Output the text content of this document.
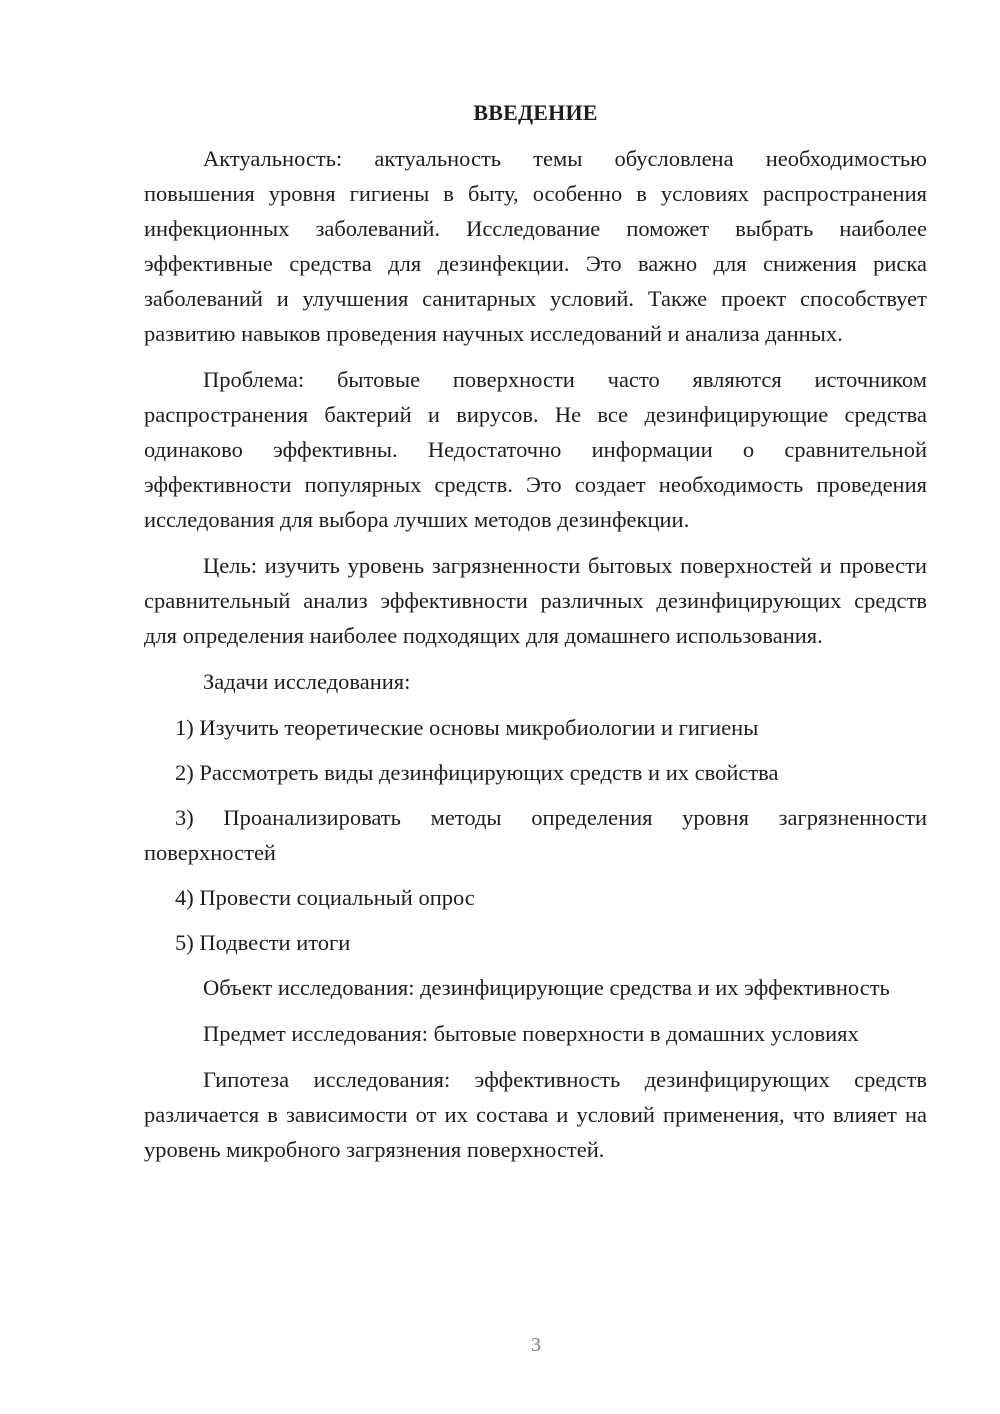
ВВЕДЕНИЕ

Актуальность: актуальность темы обусловлена необходимостью повышения уровня гигиены в быту, особенно в условиях распространения инфекционных заболеваний. Исследование поможет выбрать наиболее эффективные средства для дезинфекции. Это важно для снижения риска заболеваний и улучшения санитарных условий. Также проект способствует развитию навыков проведения научных исследований и анализа данных.

Проблема: бытовые поверхности часто являются источником распространения бактерий и вирусов. Не все дезинфицирующие средства одинаково эффективны. Недостаточно информации о сравнительной эффективности популярных средств. Это создает необходимость проведения исследования для выбора лучших методов дезинфекции.

Цель: изучить уровень загрязненности бытовых поверхностей и провести сравнительный анализ эффективности различных дезинфицирующих средств для определения наиболее подходящих для домашнего использования.

Задачи исследования:

1) Изучить теоретические основы микробиологии и гигиены

2) Рассмотреть виды дезинфицирующих средств и их свойства

3) Проанализировать методы определения уровня загрязненности поверхностей

4) Провести социальный опрос

5) Подвести итоги

Объект исследования: дезинфицирующие средства и их эффективность

Предмет исследования: бытовые поверхности в домашних условиях

Гипотеза исследования: эффективность дезинфицирующих средств различается в зависимости от их состава и условий применения, что влияет на уровень микробного загрязнения поверхностей.

3
